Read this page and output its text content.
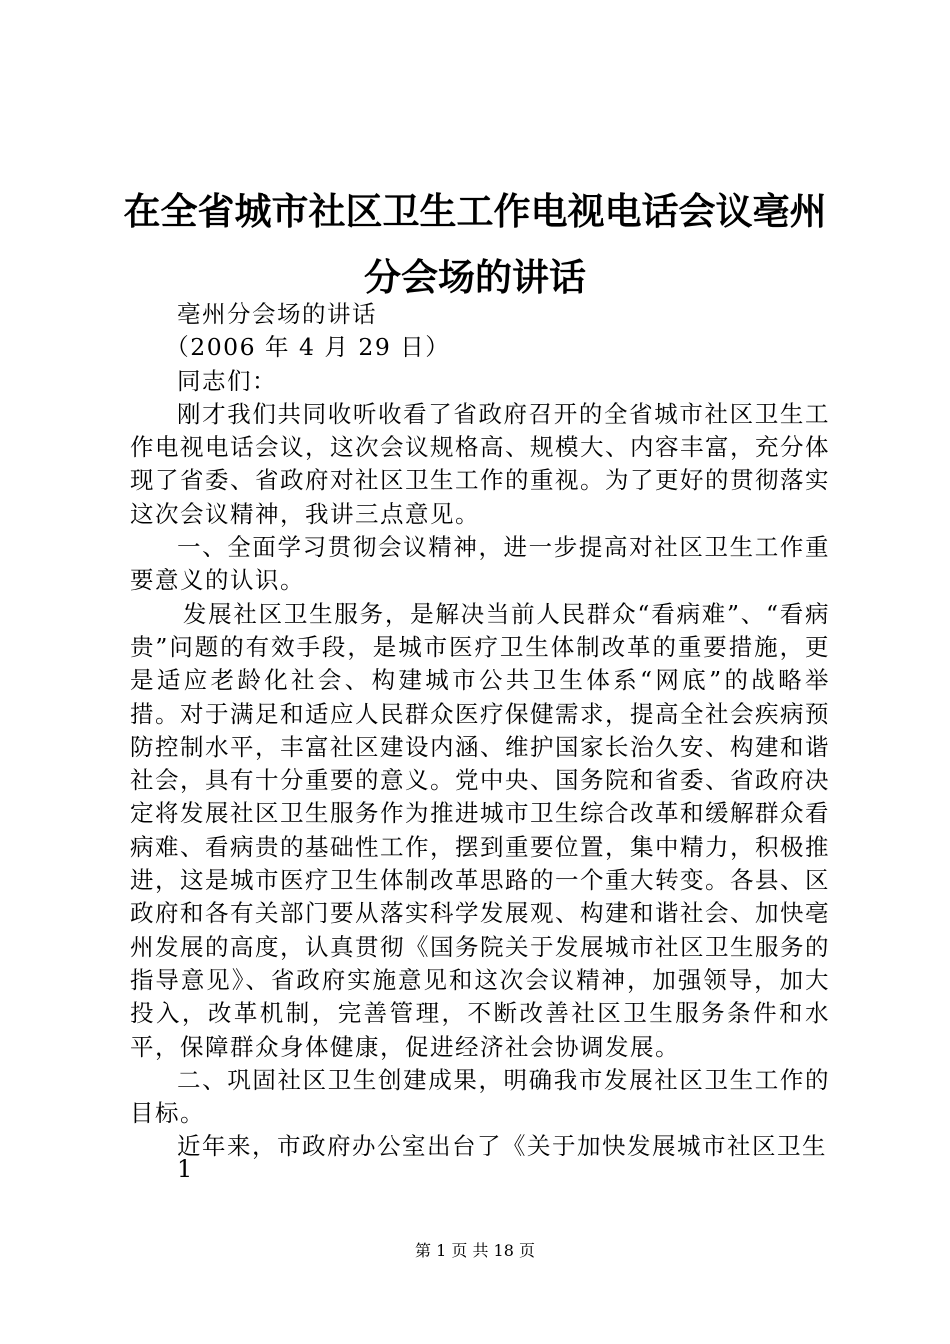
在全省城市社区卫生工作电视电话会议亳州分会场的讲话

亳州分会场的讲话

（2006 年 4 月 29 日）

同志们：

刚才我们共同收听收看了省政府召开的全省城市社区卫生工作电视电话会议，这次会议规格高、规模大、内容丰富，充分体现了省委、省政府对社区卫生工作的重视。为了更好的贯彻落实这次会议精神，我讲三点意见。

一、全面学习贯彻会议精神，进一步提高对社区卫生工作重要意义的认识。

发展社区卫生服务，是解决当前人民群众“看病难”、“看病贵”问题的有效手段，是城市医疗卫生体制改革的重要措施，更是适应老龄化社会、构建城市公共卫生体系“网底”的战略举措。对于满足和适应人民群众医疗保健需求，提高全社会疾病预防控制水平，丰富社区建设内涵、维护国家长治久安、构建和谐社会，具有十分重要的意义。党中央、国务院和省委、省政府决定将发展社区卫生服务作为推进城市卫生综合改革和缓解群众看病难、看病贵的基础性工作，摆到重要位置，集中精力，积极推进，这是城市医疗卫生体制改革思路的一个重大转变。各县、区政府和各有关部门要从落实科学发展观、构建和谐社会、加快亳州发展的高度，认真贯彻《国务院关于发展城市社区卫生服务的指导意见》、省政府实施意见和这次会议精神，加强领导，加大投入，改革机制，完善管理，不断改善社区卫生服务条件和水平，保障群众身体健康，促进经济社会协调发展。

二、巩固社区卫生创建成果，明确我市发展社区卫生工作的目标。

近年来，市政府办公室出台了《关于加快发展城市社区卫生

1
第 1 页 共 18 页
